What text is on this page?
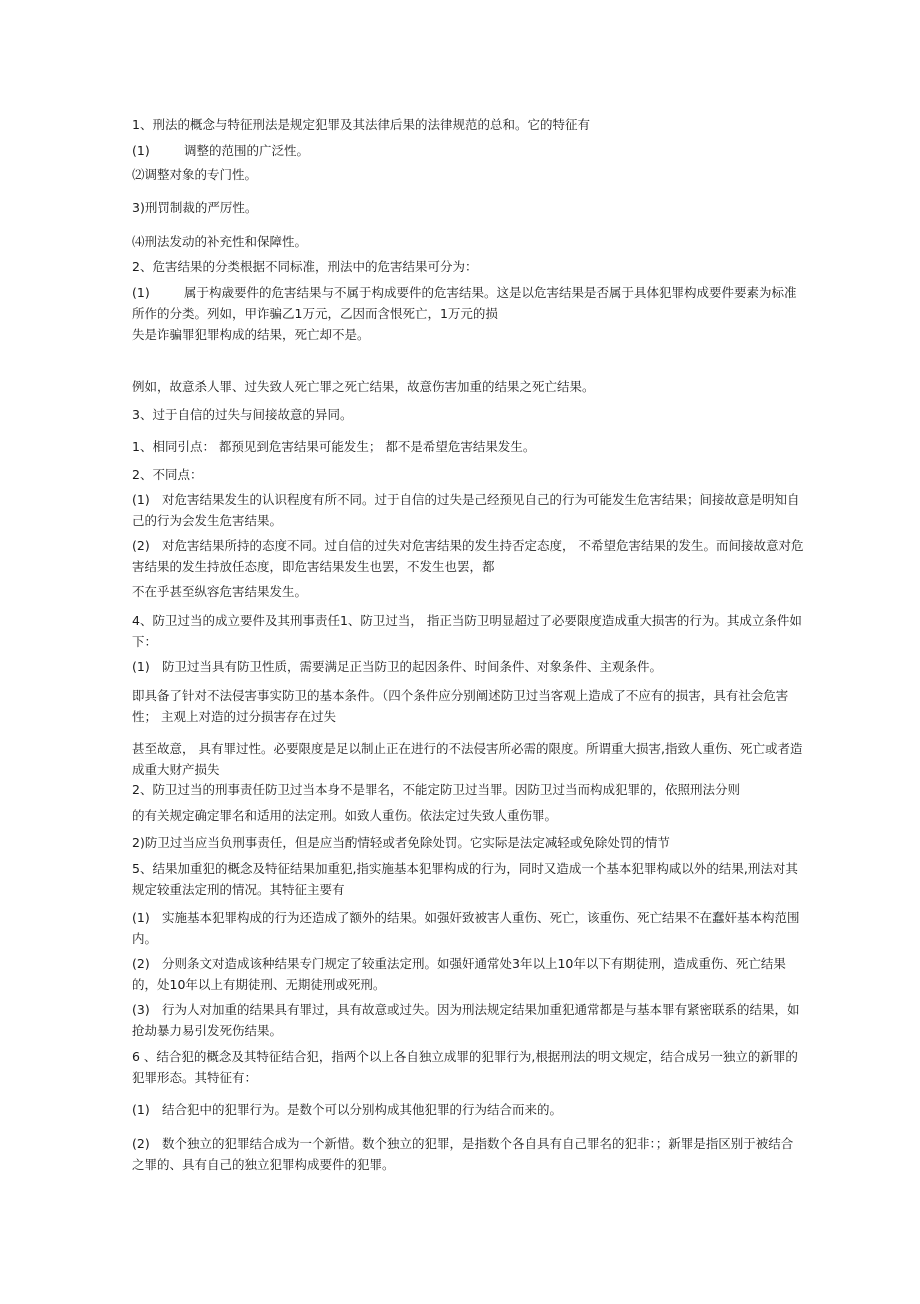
1、刑法的概念与特征刑法是规定犯罪及其法律后果的法律规范的总和。它的特征有
(1)	调整的范围的广泛性。
⑵调整对象的专门性。
3)刑罚制裁的严厉性。
⑷刑法发动的补充性和保障性。
2、危害结果的分类根据不同标准，刑法中的危害结果可分为：
(1)	属于构歳要件的危害结果与不属于构成要件的危害结果。这是以危害结果是否属于具体犯罪构成要件要素为标准所作的分类。列如，甲诈骗乙1万元，乙因而含恨死亡，1万元的损
失是诈骗罪犯罪构成的结果，死亡却不是。
例如，故意杀人罪、过失致人死亡罪之死亡结果，故意伤害加重的结果之死亡结果。
3、过于自信的过失与间接故意的异同。
1、相同引点： 都预见到危害结果可能发生； 都不是希望危害结果发生。
2、不同点：
(1) 对危害结果发生的认识程度有所不同。过于自信的过失是己经预见自己的行为可能发生危害结果；间接故意是明知自己的行为会发生危害结果。
(2) 对危害结果所持的态度不同。过自信的过失对危害结果的发生持否定态度， 不希望危害结果的发生。而间接故意对危害结果的发生持放任态度，即危害结果发生也罢，不发生也罢，都
不在乎甚至纵容危害结果发生。
4、防卫过当的成立要件及其刑事责任1、防卫过当， 指正当防卫明显超过了必要限度造成重大损害的行为。其成立条件如下：
(1) 防卫过当具有防卫性质，需要满足正当防卫的起因条件、时间条件、对象条件、主观条件。
即具备了针对不法侵害事实防卫的基本条件。（四个条件应分别阐述防卫过当客观上造成了不应有的损害，具有社会危害性； 主观上对造的过分损害存在过失
甚至故意， 具有罪过性。必要限度是足以制止正在进行的不法侵害所必需的限度。所谓重大损害,指致人重伤、死亡或者造成重大财产损失
2、防卫过当的刑事责任防卫过当本身不是罪名，不能定防卫过当罪。因防卫过当而构成犯罪的，依照刑法分则
的有关规定确定罪名和适用的法定刑。如致人重伤。依法定过失致人重伤罪。
2)防卫过当应当负刑事责任，但是应当酌情轻或者免除处罚。它实际是法定减轻或免除处罚的情节
5、结果加重犯的概念及特征结果加重犯,指实施基本犯罪构成的行为，同时又造成一个基本犯罪构咸以外的结果,刑法对其规定较重法定刑的情况。其特征主要有
(1) 实施基本犯罪构成的行为还造成了额外的结果。如强奸致被害人重伤、死亡，该重伤、死亡结果不在蠢奸基本构范围内。
(2) 分则条文对造成该种结果专门规定了较重法定刑。如强奸通常处3年以上10年以下有期徒刑，造成重伤、死亡结果的，处10年以上有期徒刑、无期徒刑或死刑。
(3) 行为人对加重的结果具有罪过，具有故意或过失。因为刑法规定结果加重犯通常都是与基本罪有紧密联系的结果，如抢劫暴力易引发死伤结果。
6 、结合犯的概念及其特征结合犯，指两个以上各自独立成罪的犯罪行为,根据刑法的明文规定，结合成另一独立的新罪的犯罪形态。其特征有：
(1) 结合犯中的犯罪行为。是数个可以分别构成其他犯罪的行为结合而来的。
(2) 数个独立的犯罪结合成为一个新惜。数个独立的犯罪，是指数个各自具有自己罪名的犯非：；新罪是指区别于被结合之罪的、具有自己的独立犯罪构成要件的犯罪。
